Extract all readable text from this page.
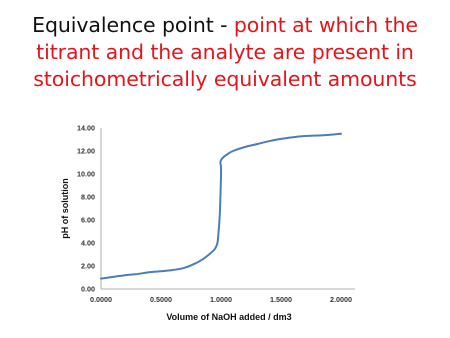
Equivalence point - point at which the
titrant and the analyte are present in
stoichometrically equivalent amounts
0.00
2.00
4.00
6.00
8.00
10.00
12.00
14.00
0.0000	0.5000	1.0000	1.5000	2.0000
pH of solution
Volume of NaOH added / dm3
